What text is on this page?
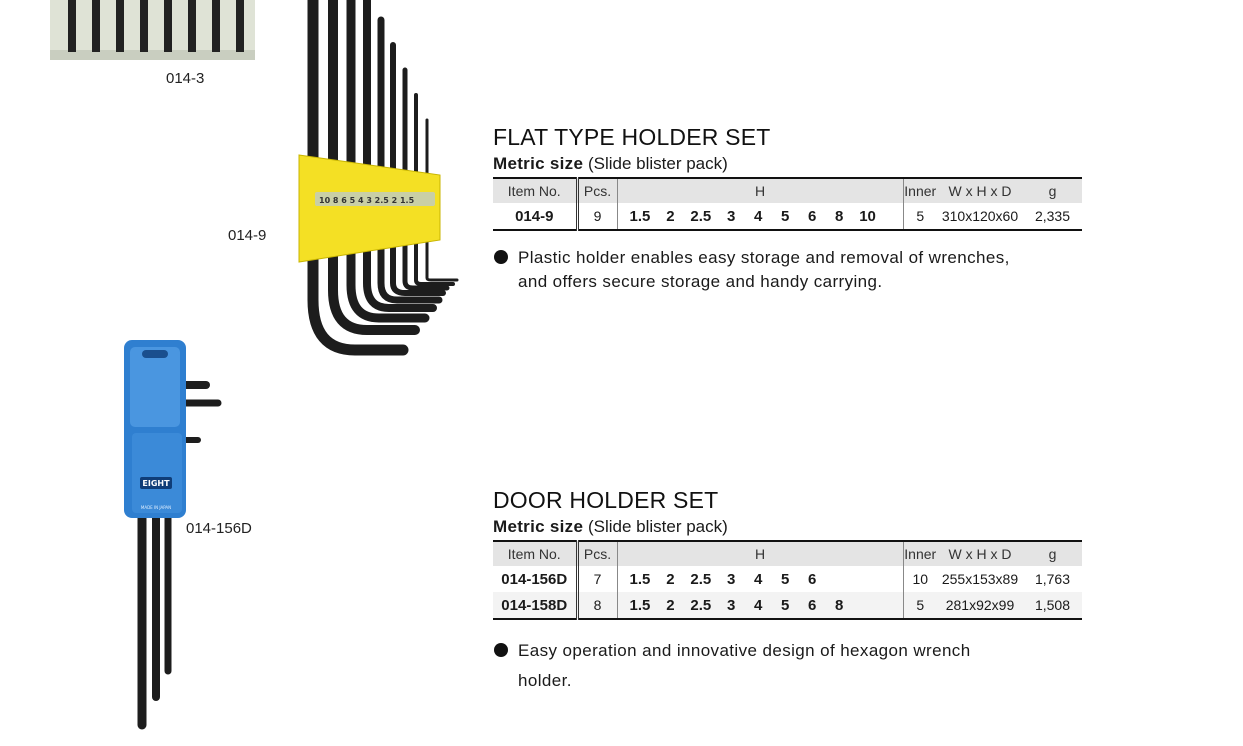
014-3
10 8 6 5 4 3 2.5 2 1.5
014-9
EIGHT
MADE IN JAPAN
014-156D
FLAT TYPE HOLDER SET
Metric size (Slide blister pack)
Item No.	Pcs.	H	Inner	W x H x D	g
014-9	9	1.5 2 2.5 3 4 5 6 8 10	5	310x120x60	2,335
Plastic holder enables easy storage and removal of wrenches,
and offers secure storage and handy carrying.
DOOR HOLDER SET
Metric size (Slide blister pack)
Item No.	Pcs.	H	Inner	W x H x D	g
014-156D	7	1.5 2 2.5 3 4 5 6	10	255x153x89	1,763
014-158D	8	1.5 2 2.5 3 4 5 6 8	5	281x92x99	1,508
Easy operation and innovative design of hexagon wrench
holder.
